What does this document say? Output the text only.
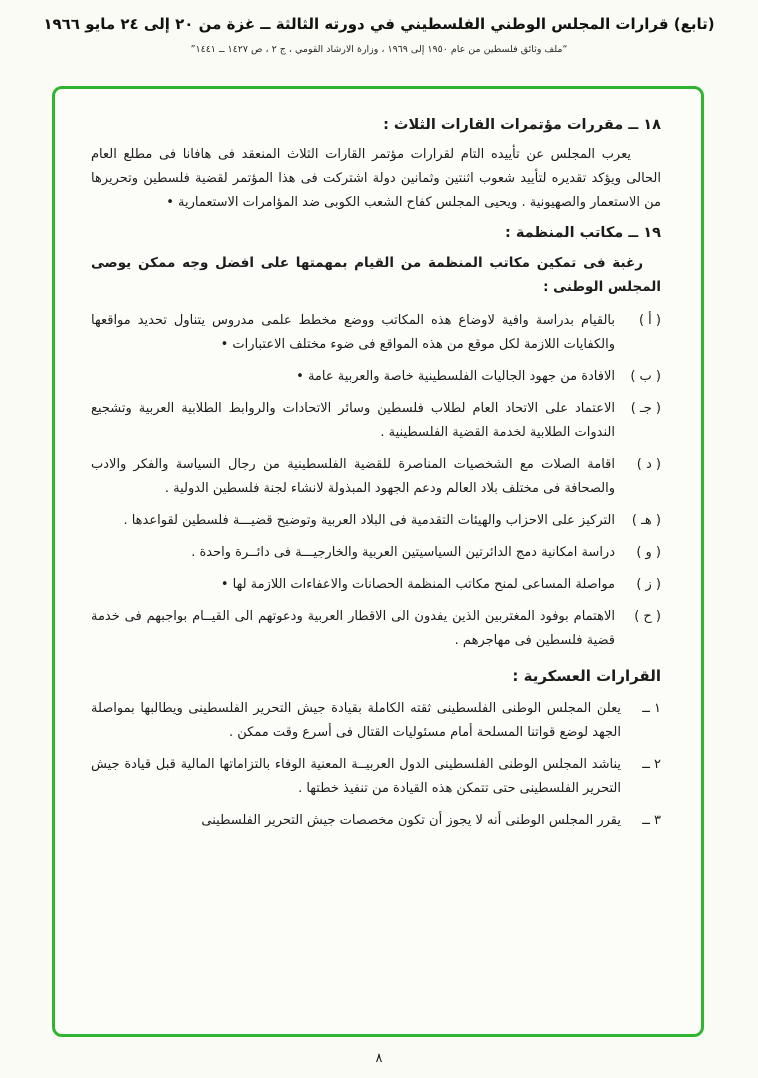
(تابع) قرارات المجلس الوطني الفلسطيني في دورته الثالثة ــ غزة من ٢٠ إلى ٢٤ مايو ١٩٦٦
“ملف وثائق فلسطين من عام ١٩٥٠ إلى ١٩٦٩ ، وزارة الارشاد القومي ، ج ٢ ، ص ١٤٢٧ ــ ١٤٤١”
١٨ ــ مقررات مؤتمرات القارات الثلاث :

يعرب المجلس عن تأييده التام لقرارات مؤتمر القارات الثلاث المنعقد فى هافانا فى مطلع العام الحالى ويؤكد تقديره لتأييد شعوب اثنتين وثمانين دولة اشتركت فى هذا المؤتمر لقضية فلسطين وتحريرها من الاستعمار والصهيونية . ويحيى المجلس كفاح الشعب الكوبى ضد المؤامرات الاستعمارية •

١٩ ــ مكاتب المنظمة :

رغبة فى تمكين مكاتب المنظمة من القيام بمهمتها على افضل وجه ممكن يوصى المجلس الوطنى :

( أ )
بالقيام بدراسة وافية لاوضاع هذه المكاتب ووضع مخطط علمى مدروس يتناول تحديد مواقعها والكفايات اللازمة لكل موقع من هذه المواقع فى ضوء مختلف الاعتبارات •
( ب )
الافادة من جهود الجاليات الفلسطينية خاصة والعربية عامة •
( جـ )
الاعتماد على الاتحاد العام لطلاب فلسطين وسائر الاتحادات والروابط الطلابية العربية وتشجيع الندوات الطلابية لخدمة القضية الفلسطينية .
( د )
اقامة الصلات مع الشخصيات المناصرة للقضية الفلسطينية من رجال السياسة والفكر والادب والصحافة فى مختلف بلاد العالم ودعم الجهود المبذولة لانشاء لجنة فلسطين الدولية .
( هـ )
التركيز على الاحزاب والهيئات التقدمية فى البلاد العربية وتوضيح قضيـــة فلسطين لقواعدها .
( و )
دراسة امكانية دمج الدائرتين السياسيتين العربية والخارجيـــة فى دائــرة واحدة .
( ز )
مواصلة المساعى لمنح مكاتب المنظمة الحصانات والاعفاءات اللازمة لها •
( ح )
الاهتمام بوفود المغتربين الذين يفدون الى الاقطار العربية ودعوتهم الى القيــام بواجبهم فى خدمة قضية فلسطين فى مهاجرهم .
القرارات العسكرية :
١ ــ
يعلن المجلس الوطنى الفلسطينى ثقته الكاملة بقيادة جيش التحرير الفلسطينى ويطالبها بمواصلة الجهد لوضع قواتنا المسلحة أمام مسئوليات القتال فى أسرع وقت ممكن .
٢ ــ
يناشد المجلس الوطنى الفلسطينى الدول العربيــة المعنية الوفاء بالتزاماتها المالية قبل قيادة جيش التحرير الفلسطينى حتى تتمكن هذه القيادة من تنفيذ خطتها .
٣ ــ
يقرر المجلس الوطنى أنه لا يجوز أن تكون مخصصات جيش التحرير الفلسطينى
٨
